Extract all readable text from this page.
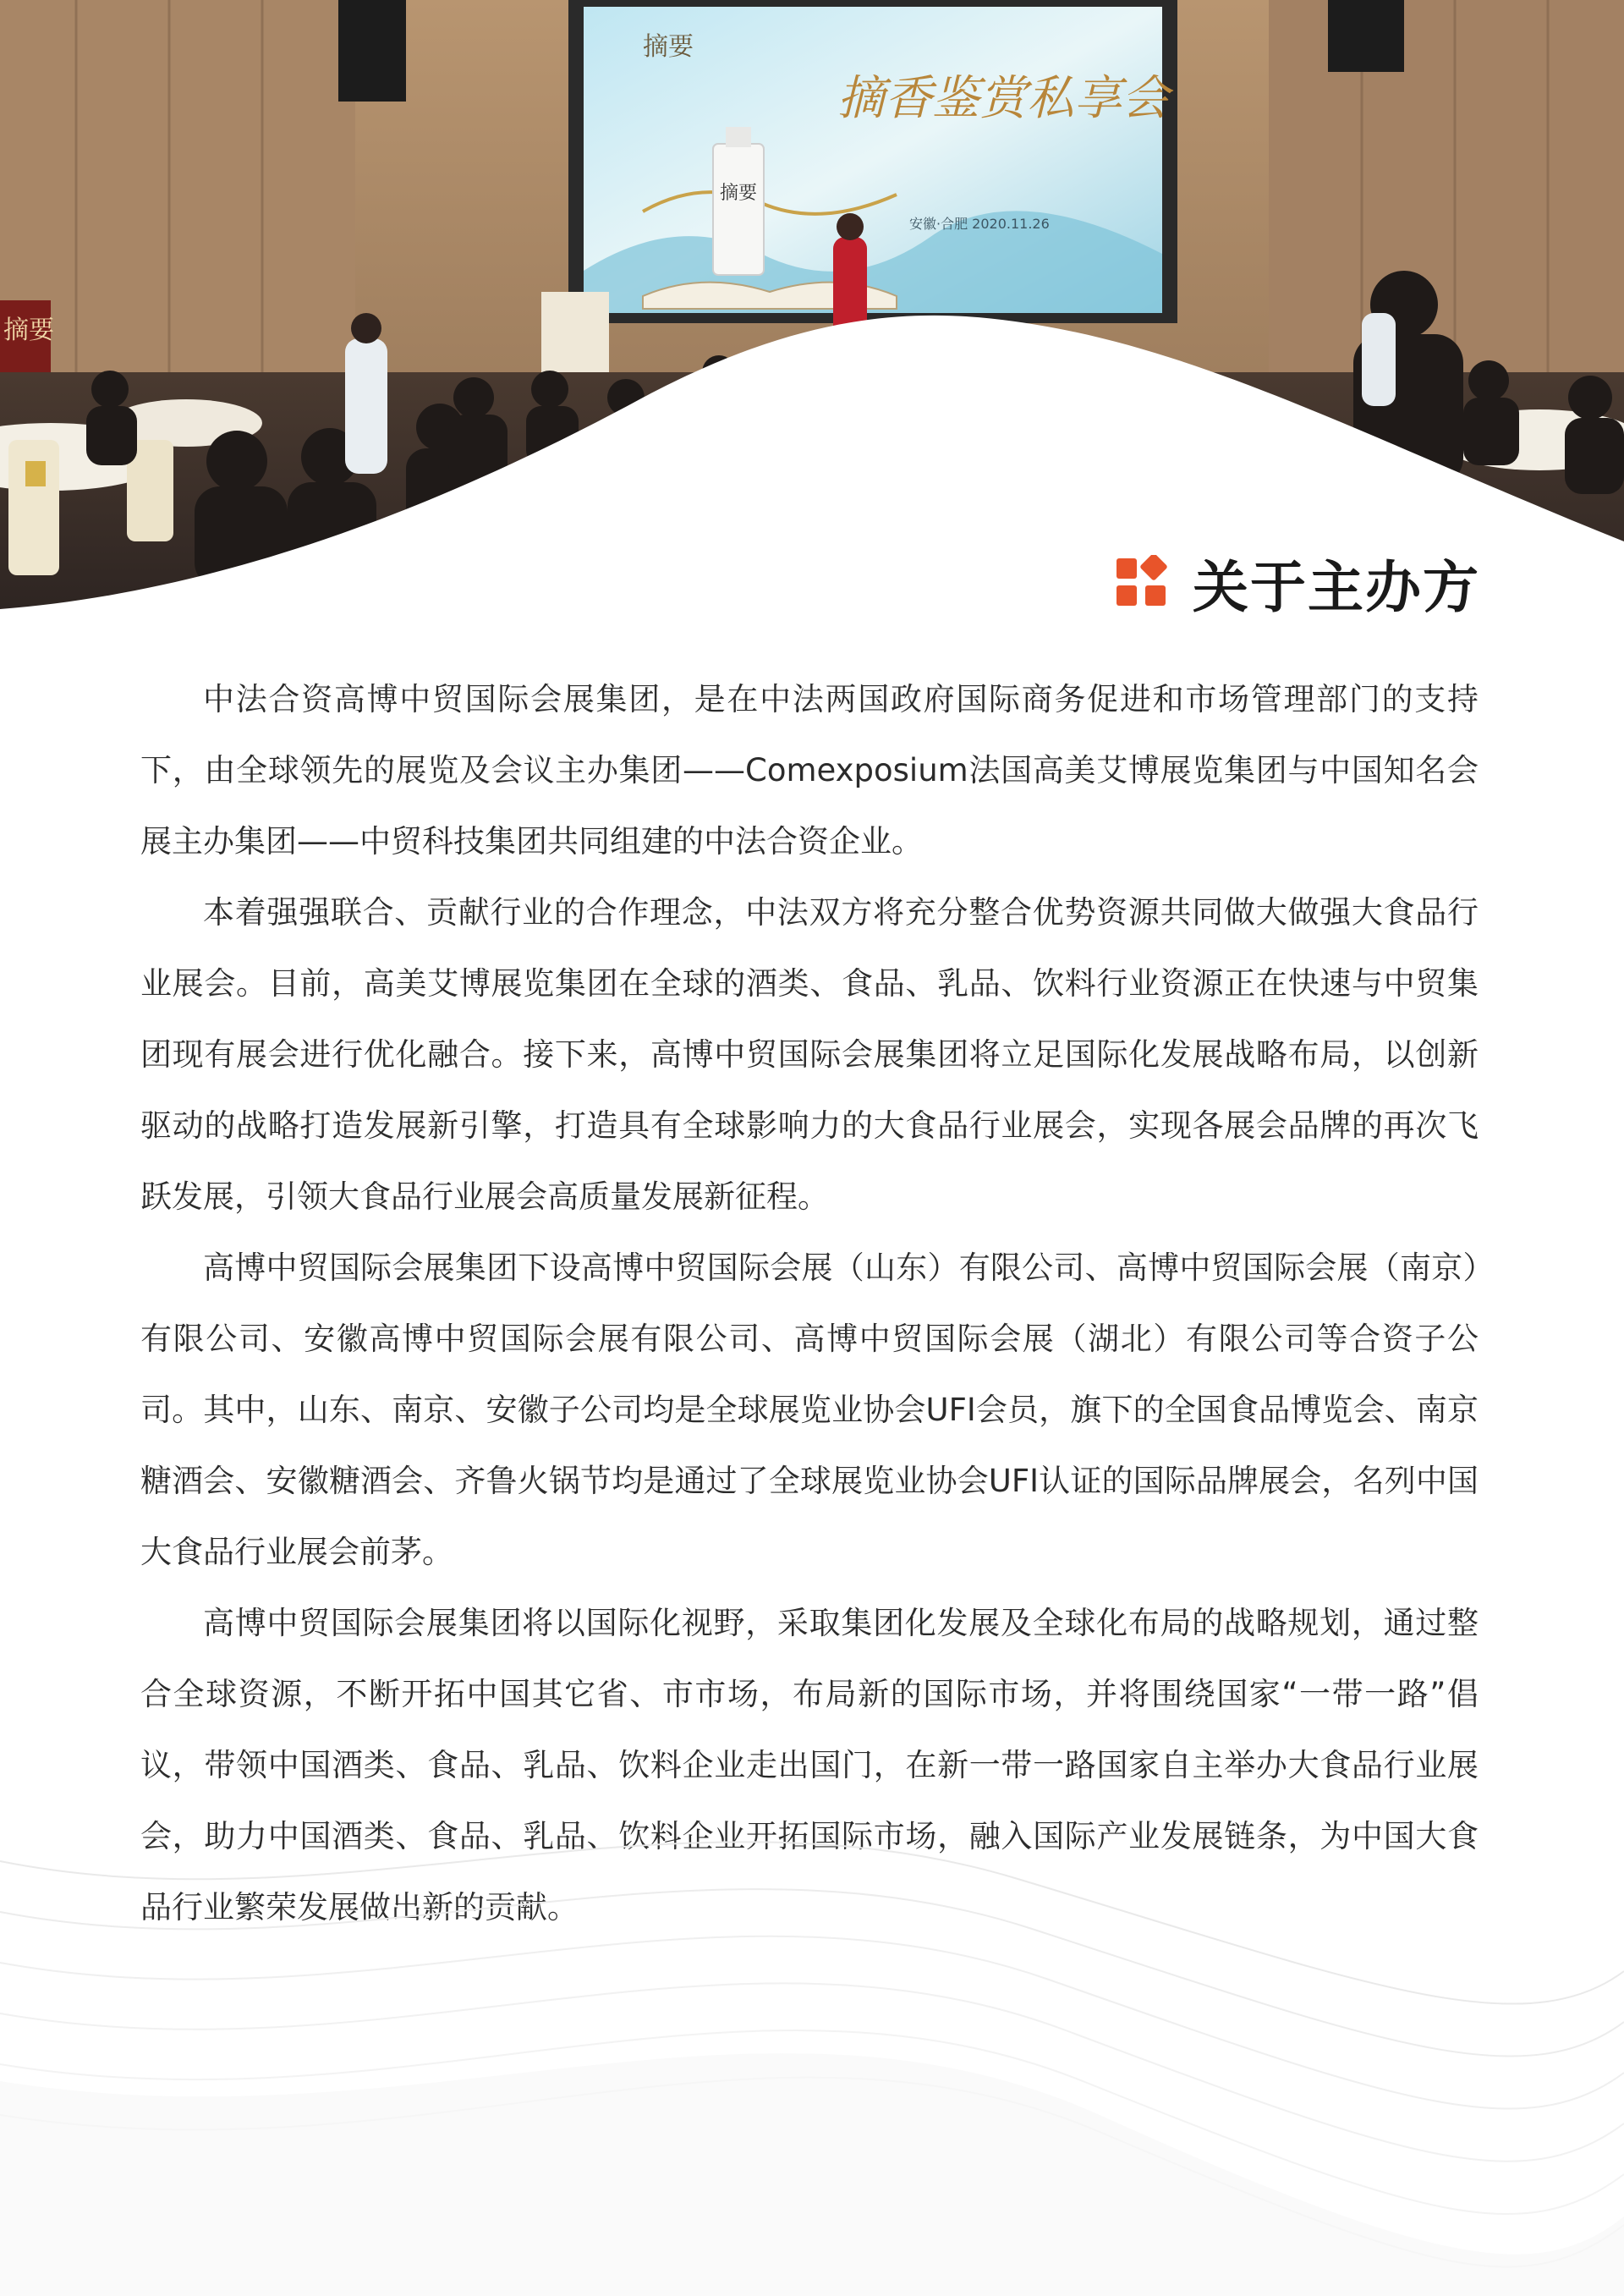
摘要
摘要
摘香鉴赏私享会
安徽·合肥 2020.11.26
摘要
关于主办方

中法合资高博中贸国际会展集团，是在中法两国政府国际商务促进和市场管理部门的支持下，由全球领先的展览及会议主办集团——Comexposium法国高美艾博展览集团与中国知名会展主办集团——中贸科技集团共同组建的中法合资企业。

本着强强联合、贡献行业的合作理念，中法双方将充分整合优势资源共同做大做强大食品行业展会。目前，高美艾博展览集团在全球的酒类、食品、乳品、饮料行业资源正在快速与中贸集团现有展会进行优化融合。接下来，高博中贸国际会展集团将立足国际化发展战略布局，以创新驱动的战略打造发展新引擎，打造具有全球影响力的大食品行业展会，实现各展会品牌的再次飞跃发展，引领大食品行业展会高质量发展新征程。

高博中贸国际会展集团下设高博中贸国际会展（山东）有限公司、高博中贸国际会展（南京）有限公司、安徽高博中贸国际会展有限公司、高博中贸国际会展（湖北）有限公司等合资子公司。其中，山东、南京、安徽子公司均是全球展览业协会UFI会员，旗下的全国食品博览会、南京糖酒会、安徽糖酒会、齐鲁火锅节均是通过了全球展览业协会UFI认证的国际品牌展会，名列中国大食品行业展会前茅。

高博中贸国际会展集团将以国际化视野，采取集团化发展及全球化布局的战略规划，通过整合全球资源，不断开拓中国其它省、市市场，布局新的国际市场，并将围绕国家“一带一路”倡议，带领中国酒类、食品、乳品、饮料企业走出国门，在新一带一路国家自主举办大食品行业展会，助力中国酒类、食品、乳品、饮料企业开拓国际市场，融入国际产业发展链条，为中国大食品行业繁荣发展做出新的贡献。
